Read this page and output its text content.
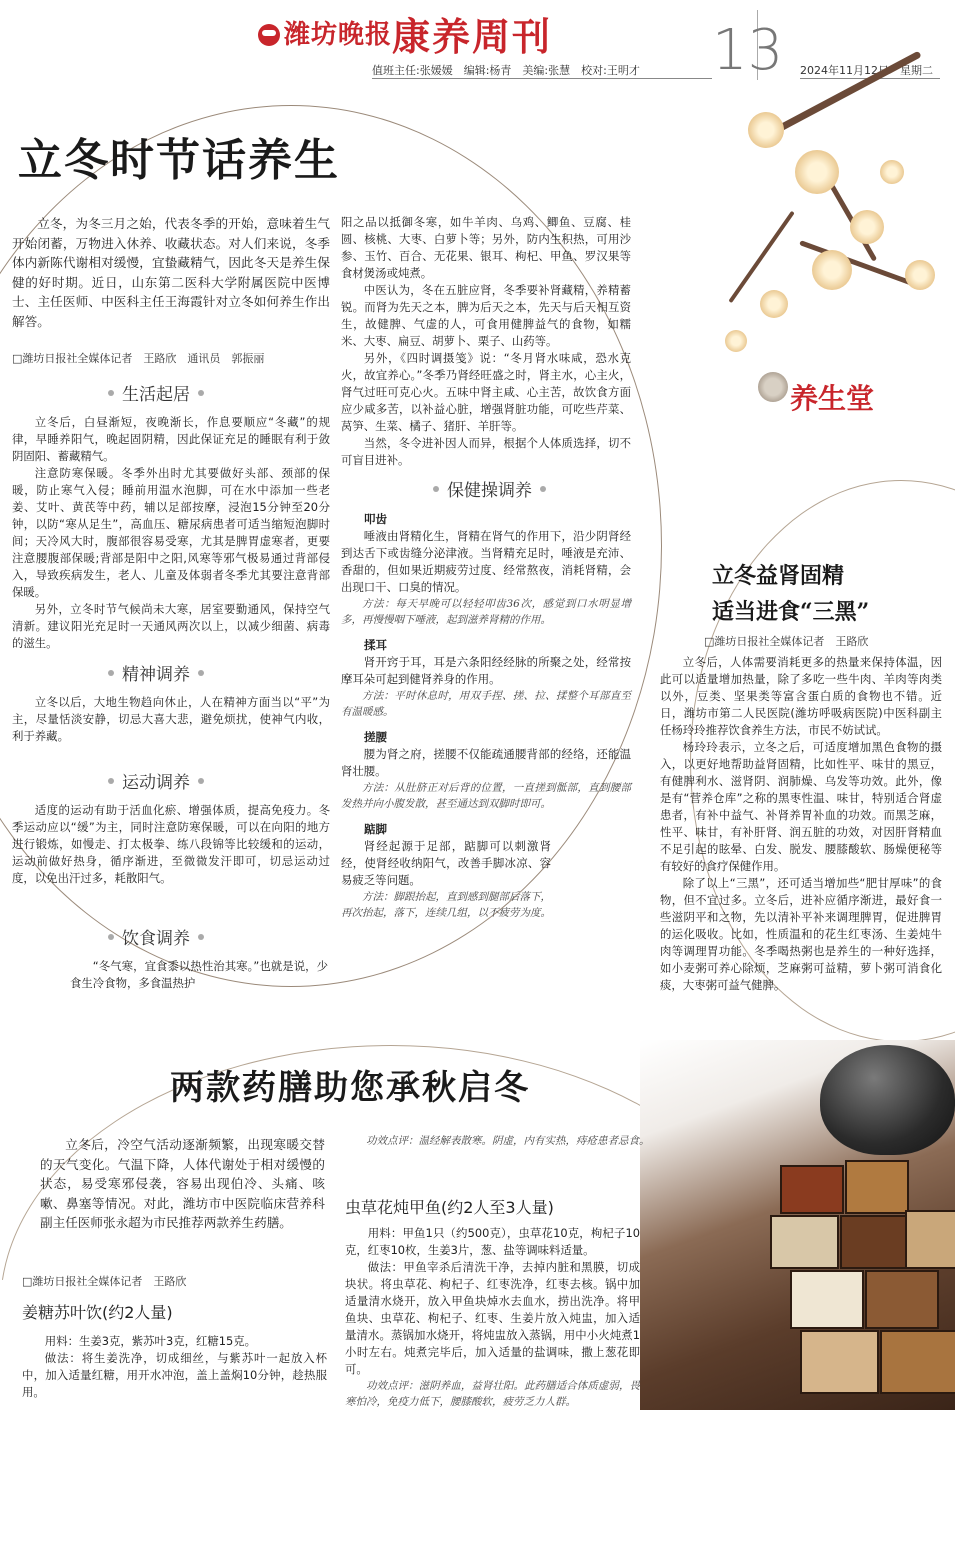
潍坊晚报 康养周刊	13
值班主任:张媛媛　编辑:杨青　美编:张慧　校对:王明才	2024年11月12日　星期二
养生堂
立冬时节话养生

立冬，为冬三月之始，代表冬季的开始，意味着生气开始闭蓄，万物进入休养、收藏状态。对人们来说，冬季体内新陈代谢相对缓慢，宜蛰藏精气，因此冬天是养生保健的好时期。近日，山东第二医科大学附属医院中医博士、主任医师、中医科主任王海霞针对立冬如何养生作出解答。

□潍坊日报社全媒体记者　王路欣　通讯员　郭振丽
生活起居

立冬后，白昼渐短，夜晚渐长，作息要顺应“冬藏”的规律，早睡养阳气，晚起固阴精，因此保证充足的睡眠有利于敛阴固阳、蓄藏精气。

注意防寒保暖。冬季外出时尤其要做好头部、颈部的保暖，防止寒气入侵；睡前用温水泡脚，可在水中添加一些老姜、艾叶、黄芪等中药，辅以足部按摩，浸泡15分钟至20分钟，以防“寒从足生”，高血压、糖尿病患者可适当缩短泡脚时间；天冷风大时，腹部很容易受寒，尤其是脾胃虚寒者，更要注意腰腹部保暖;背部是阳中之阳,风寒等邪气极易通过背部侵入，导致疾病发生，老人、儿童及体弱者冬季尤其要注意背部保暖。

另外，立冬时节气候尚未大寒，居室要勤通风，保持空气清新。建议阳光充足时一天通风两次以上，以减少细菌、病毒的滋生。

精神调养

立冬以后，大地生物趋向休止，人在精神方面当以“平”为主，尽量恬淡安静，切忌大喜大悲，避免烦扰，使神气内收，利于养藏。

运动调养

适度的运动有助于活血化瘀、增强体质，提高免疫力。冬季运动应以“缓”为主，同时注意防寒保暖，可以在向阳的地方进行锻炼，如慢走、打太极拳、练八段锦等比较缓和的运动，运动前做好热身，循序渐进，至微微发汗即可，切忌运动过度，以免出汗过多，耗散阳气。

饮食调养

“冬气寒，宜食黍以热性治其寒。”也就是说，少食生冷食物，多食温热护

阳之品以抵御冬寒，如牛羊肉、乌鸡、鲫鱼、豆腐、桂圆、核桃、大枣、白萝卜等；另外，防内生积热，可用沙参、玉竹、百合、无花果、银耳、枸杞、甲鱼、罗汉果等食材煲汤或炖煮。

中医认为，冬在五脏应肾，冬季要补肾藏精，养精蓄锐。而肾为先天之本，脾为后天之本，先天与后天相互资生，故健脾、气虚的人，可食用健脾益气的食物，如糯米、大枣、扁豆、胡萝卜、栗子、山药等。

另外，《四时调摄笺》说：“冬月肾水味咸，恐水克火，故宜养心。”冬季乃肾经旺盛之时，肾主水，心主火，肾气过旺可克心火。五味中肾主咸、心主苦，故饮食方面应少咸多苦，以补益心脏，增强肾脏功能，可吃些芹菜、莴笋、生菜、橘子、猪肝、羊肝等。

当然，冬令进补因人而异，根据个人体质选择，切不可盲目进补。

保健操调养

叩齿

唾液由肾精化生，肾精在肾气的作用下，沿少阴肾经到达舌下或齿缝分泌津液。当肾精充足时，唾液是充沛、香甜的，但如果近期疲劳过度、经常熬夜，消耗肾精，会出现口干、口臭的情况。

方法：每天早晚可以轻轻叩齿36次，感觉到口水明显增多，再慢慢咽下唾液，起到滋养肾精的作用。

揉耳

肾开窍于耳，耳是六条阳经经脉的所聚之处，经常按摩耳朵可起到健肾养身的作用。

方法：平时休息时，用双手捏、搓、拉、揉整个耳部直至有温暖感。

搓腰

腰为肾之府，搓腰不仅能疏通腰背部的经络，还能温肾壮腰。

方法：从肚脐正对后背的位置，一直搓到骶部，直到腰部发热并向小腹发散，甚至通达到双脚时即可。

踮脚

肾经起源于足部，踮脚可以刺激肾经，使肾经收纳阳气，改善手脚冰凉、容易疲乏等问题。

方法：脚跟抬起，直到感到腿部后落下，再次抬起，落下，连续几组，以不疲劳为度。

立冬益肾固精
适当进食“三黑”
□潍坊日报社全媒体记者　王路欣

立冬后，人体需要消耗更多的热量来保持体温，因此可以适量增加热量，除了多吃一些牛肉、羊肉等肉类以外，豆类、坚果类等富含蛋白质的食物也不错。近日，潍坊市第二人民医院(潍坊呼吸病医院)中医科副主任杨玲玲推荐饮食养生方法，市民不妨试试。

杨玲玲表示，立冬之后，可适度增加黑色食物的摄入，以更好地帮助益肾固精，比如性平、味甘的黑豆，有健脾利水、滋肾阴、润肺燥、乌发等功效。此外，像是有“营养仓库”之称的黑枣性温、味甘，特别适合肾虚患者，有补中益气、补肾养胃补血的功效。而黑芝麻，性平、味甘，有补肝肾、润五脏的功效，对因肝肾精血不足引起的眩晕、白发、脱发、腰膝酸软、肠燥便秘等有较好的食疗保健作用。

除了以上“三黑”，还可适当增加些“肥甘厚味”的食物，但不宜过多。立冬后，进补应循序渐进，最好食一些滋阴平和之物，先以清补平补来调理脾胃，促进脾胃的运化吸收。比如，性质温和的花生红枣汤、生姜炖牛肉等调理胃功能。冬季喝热粥也是养生的一种好选择，如小麦粥可养心除烦，芝麻粥可益精，萝卜粥可消食化痰，大枣粥可益气健脾。

两款药膳助您承秋启冬

立冬后，冷空气活动逐渐频繁，出现寒暖交替的天气变化。气温下降，人体代谢处于相对缓慢的状态，易受寒邪侵袭，容易出现伯冷、头痛、咳嗽、鼻塞等情况。对此，潍坊市中医院临床营养科副主任医师张永超为市民推荐两款养生药膳。

□潍坊日报社全媒体记者　王路欣
姜糖苏叶饮(约2人量)

用料：生姜3克，紫苏叶3克，红糖15克。

做法：将生姜洗净，切成细丝，与紫苏叶一起放入杯中，加入适量红糖，用开水冲泡，盖上盖焖10分钟，趁热服用。

功效点评：温经解表散寒。阴虚，内有实热，痔疮患者忌食。

虫草花炖甲鱼(约2人至3人量)

用料：甲鱼1只（约500克），虫草花10克，枸杞子10克，红枣10枚，生姜3片，葱、盐等调味料适量。

做法：甲鱼宰杀后清洗干净，去掉内脏和黑膜，切成块状。将虫草花、枸杞子、红枣洗净，红枣去核。锅中加适量清水烧开，放入甲鱼块焯水去血水，捞出洗净。将甲鱼块、虫草花、枸杞子、红枣、生姜片放入炖盅，加入适量清水。蒸锅加水烧开，将炖盅放入蒸锅，用中小火炖煮1小时左右。炖煮完毕后，加入适量的盐调味，撒上葱花即可。

功效点评：滋阴养血，益肾壮阳。此药膳适合体质虚弱，畏寒怕冷，免疫力低下，腰膝酸软，疲劳乏力人群。
